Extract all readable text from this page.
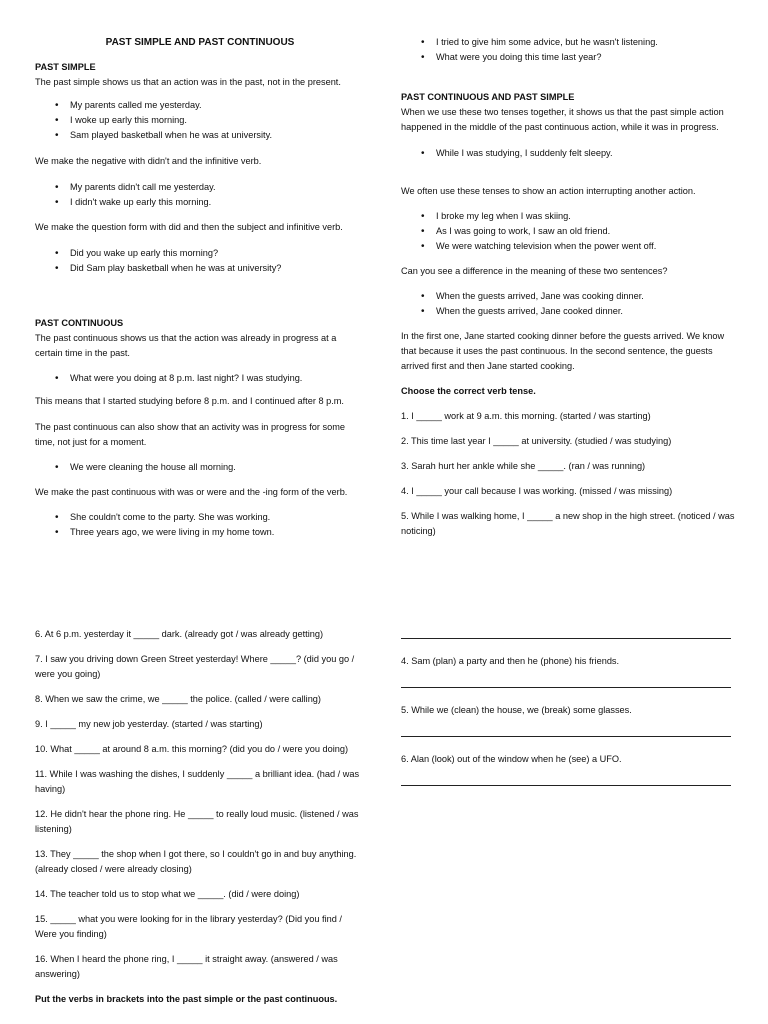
PAST SIMPLE AND PAST CONTINUOUS

PAST SIMPLE

The past simple shows us that an action was in the past, not in the present.

• My parents called me yesterday.
• I woke up early this morning.
• Sam played basketball when he was at university.

We make the negative with didn't and the infinitive verb.

• My parents didn't call me yesterday.
• I didn't wake up early this morning.

We make the question form with did and then the subject and infinitive verb.

• Did you wake up early this morning?
• Did Sam play basketball when he was at university?

PAST CONTINUOUS

The past continuous shows us that the action was already in progress at a certain time in the past.

• What were you doing at 8 p.m. last night? I was studying.

This means that I started studying before 8 p.m. and I continued after 8 p.m.

The past continuous can also show that an activity was in progress for some time, not just for a moment.

• We were cleaning the house all morning.

We make the past continuous with was or were and the -ing form of the verb.

• She couldn't come to the party. She was working.
• Three years ago, we were living in my home town.
• I tried to give him some advice, but he wasn't listening.
• What were you doing this time last year?

PAST CONTINUOUS AND PAST SIMPLE

When we use these two tenses together, it shows us that the past simple action happened in the middle of the past continuous action, while it was in progress.

• While I was studying, I suddenly felt sleepy.

We often use these tenses to show an action interrupting another action.

• I broke my leg when I was skiing.
• As I was going to work, I saw an old friend.
• We were watching television when the power went off.

Can you see a difference in the meaning of these two sentences?

• When the guests arrived, Jane was cooking dinner.
• When the guests arrived, Jane cooked dinner.

In the first one, Jane started cooking dinner before the guests arrived. We know that because it uses the past continuous. In the second sentence, the guests arrived first and then Jane started cooking.

Choose the correct verb tense.

1. I _____ work at 9 a.m. this morning. (started / was starting)

2. This time last year I _____ at university. (studied / was studying)

3. Sarah hurt her ankle while she _____. (ran / was running)

4. I _____ your call because I was working. (missed / was missing)

5. While I was walking home, I _____ a new shop in the high street. (noticed / was noticing)

6. At 6 p.m. yesterday it _____ dark. (already got / was already getting)

7. I saw you driving down Green Street yesterday! Where _____? (did you go / were you going)

8. When we saw the crime, we _____ the police. (called / were calling)

9. I _____ my new job yesterday. (started / was starting)

10. What _____ at around 8 a.m. this morning? (did you do / were you doing)

11. While I was washing the dishes, I suddenly _____ a brilliant idea. (had / was having)

12. He didn't hear the phone ring. He _____ to really loud music. (listened / was listening)

13. They _____ the shop when I got there, so I couldn't go in and buy anything. (already closed / were already closing)

14. The teacher told us to stop what we _____. (did / were doing)

15. _____ what you were looking for in the library yesterday? (Did you find / Were you finding)

16. When I heard the phone ring, I _____ it straight away. (answered / was answering)

Put the verbs in brackets into the past simple or the past continuous.

4. Sam (plan) a party and then he (phone) his friends.

5. While we (clean) the house, we (break) some glasses.

6. Alan (look) out of the window when he (see) a UFO.
